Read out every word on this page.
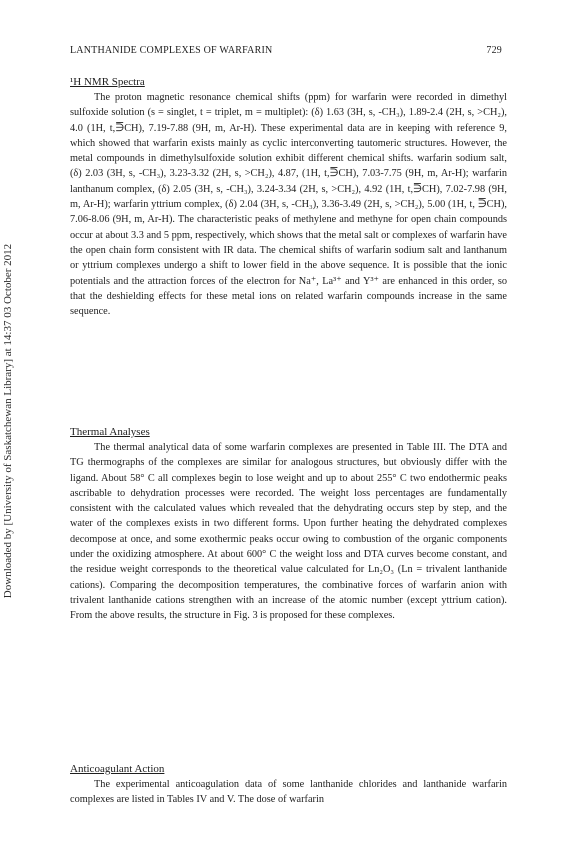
LANTHANIDE COMPLEXES OF WARFARIN	729
Downloaded by [University of Saskatchewan Library] at 14:37 03 October 2012

¹H NMR Spectra

The proton magnetic resonance chemical shifts (ppm) for warfarin were recorded in dimethyl sulfoxide solution (s = singlet, t = triplet, m = multiplet): (δ) 1.63 (3H, s, -CH₃), 1.89-2.4 (2H, s, >CH₂), 4.0 (1H, t,⋽CH), 7.19-7.88 (9H, m, Ar-H). These experimental data are in keeping with reference 9, which showed that warfarin exists mainly as cyclic interconverting tautomeric structures. However, the metal compounds in dimethylsulfoxide solution exhibit different chemical shifts. warfarin sodium salt, (δ) 2.03 (3H, s, -CH₃), 3.23-3.32 (2H, s, >CH₂), 4.87, (1H, t,⋽CH), 7.03-7.75 (9H, m, Ar-H); warfarin lanthanum complex, (δ) 2.05 (3H, s, -CH₃), 3.24-3.34 (2H, s, >CH₂), 4.92 (1H, t,⋽CH), 7.02-7.98 (9H, m, Ar-H); warfarin yttrium complex, (δ) 2.04 (3H, s, -CH₃), 3.36-3.49 (2H, s, >CH₂), 5.00 (1H, t, ⋽CH), 7.06-8.06 (9H, m, Ar-H). The characteristic peaks of methylene and methyne for open chain compounds occur at about 3.3 and 5 ppm, respectively, which shows that the metal salt or complexes of warfarin have the open chain form consistent with IR data. The chemical shifts of warfarin sodium salt and lanthanum or yttrium complexes undergo a shift to lower field in the above sequence. It is possible that the ionic potentials and the attraction forces of the electron for Na⁺, La³⁺ and Y³⁺ are enhanced in this order, so that the deshielding effects for these metal ions on related warfarin compounds increase in the same sequence.

Thermal Analyses

The thermal analytical data of some warfarin complexes are presented in Table III. The DTA and TG thermographs of the complexes are similar for analogous structures, but obviously differ with the ligand. About 58° C all complexes begin to lose weight and up to about 255° C two endothermic peaks ascribable to dehydration processes were recorded. The weight loss percentages are fundamentally consistent with the calculated values which revealed that the dehydrating occurs step by step, and the water of the complexes exists in two different forms. Upon further heating the dehydrated complexes decompose at once, and some exothermic peaks occur owing to combustion of the organic components under the oxidizing atmosphere. At about 600° C the weight loss and DTA curves become constant, and the residue weight corresponds to the theoretical value calculated for Ln₂O₃ (Ln = trivalent lanthanide cations). Comparing the decomposition temperatures, the combinative forces of warfarin anion with trivalent lanthanide cations strengthen with an increase of the atomic number (except yttrium cation). From the above results, the structure in Fig. 3 is proposed for these complexes.

Anticoagulant Action

The experimental anticoagulation data of some lanthanide chlorides and lanthanide warfarin complexes are listed in Tables IV and V. The dose of warfarin
